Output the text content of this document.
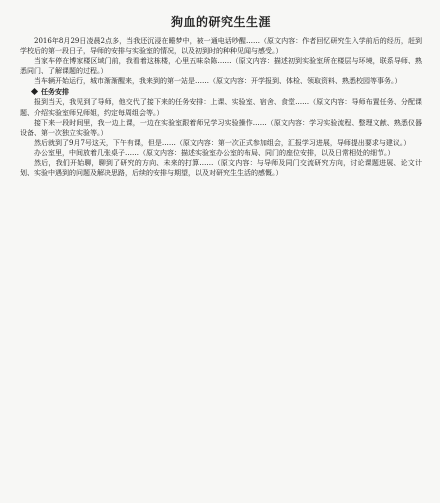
狗血的研究生生涯

2016年8月29日凌晨2点多，当我还沉浸在睡梦中，被一通电话吵醒……（原文内容：作者回忆研究生入学前后的经历，赶到学校后的第一段日子，导师的安排与实验室的情况，以及初到时的种种见闻与感受。）

当家车停在博家楼区域门前，我看着这栋楼，心里五味杂陈……（原文内容：描述初到实验室所在楼层与环境，联系导师、熟悉同门、了解课题的过程。）

当车辆开始运行，城市渐渐醒来，我来到的第一站是……（原文内容：开学报到、体检、领取资料、熟悉校园等事务。）

任务安排

报到当天，我见到了导师，他交代了接下来的任务安排：上课、实验室、宿舍、食堂……（原文内容：导师布置任务、分配课题、介绍实验室师兄师姐，约定每周组会等。）

接下来一段时间里，我一边上课，一边在实验室跟着师兄学习实验操作……（原文内容：学习实验流程、整理文献、熟悉仪器设备、第一次独立实验等。）

然后就到了9月7号这天，下午有课，但是……（原文内容：第一次正式参加组会，汇报学习进展，导师提出要求与建议。）

办公室里，中间放着几张桌子……（原文内容：描述实验室办公室的布局、同门的座位安排，以及日常相处的细节。）

然后，我们开始聊，聊到了研究的方向、未来的打算……（原文内容：与导师及同门交流研究方向，讨论课题进展、论文计划、实验中遇到的问题及解决思路，后续的安排与期望，以及对研究生生活的感慨。）
